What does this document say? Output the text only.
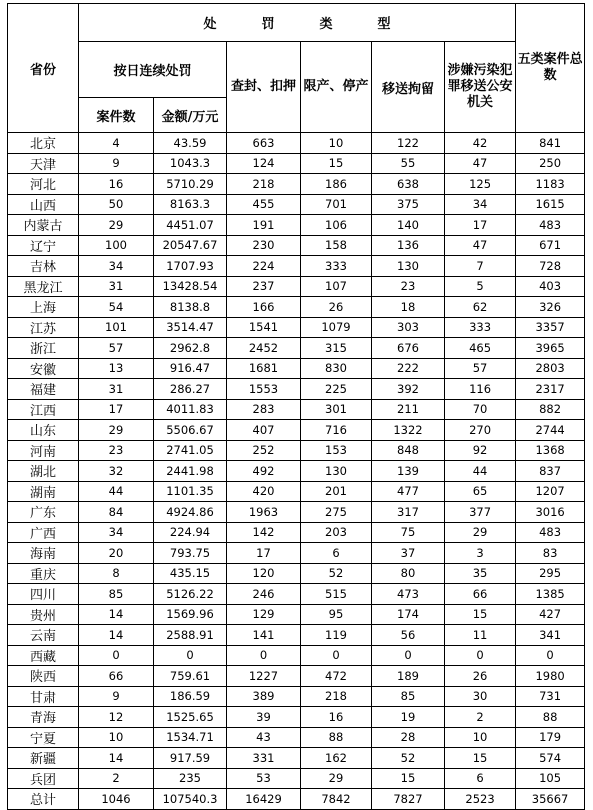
省份	处　罚　类　型						五类案件总数
	按日连续处罚		查封、扣押	限产、停产	移送拘留	涉嫌污染犯罪移送公安机关	
	案件数	金额/万元					
北京	4	43.59	663	10	122	42	841
天津	9	1043.3	124	15	55	47	250
河北	16	5710.29	218	186	638	125	1183
山西	50	8163.3	455	701	375	34	1615
内蒙古	29	4451.07	191	106	140	17	483
辽宁	100	20547.67	230	158	136	47	671
吉林	34	1707.93	224	333	130	7	728
黑龙江	31	13428.54	237	107	23	5	403
上海	54	8138.8	166	26	18	62	326
江苏	101	3514.47	1541	1079	303	333	3357
浙江	57	2962.8	2452	315	676	465	3965
安徽	13	916.47	1681	830	222	57	2803
福建	31	286.27	1553	225	392	116	2317
江西	17	4011.83	283	301	211	70	882
山东	29	5506.67	407	716	1322	270	2744
河南	23	2741.05	252	153	848	92	1368
湖北	32	2441.98	492	130	139	44	837
湖南	44	1101.35	420	201	477	65	1207
广东	84	4924.86	1963	275	317	377	3016
广西	34	224.94	142	203	75	29	483
海南	20	793.75	17	6	37	3	83
重庆	8	435.15	120	52	80	35	295
四川	85	5126.22	246	515	473	66	1385
贵州	14	1569.96	129	95	174	15	427
云南	14	2588.91	141	119	56	11	341
西藏	0	0	0	0	0	0	0
陕西	66	759.61	1227	472	189	26	1980
甘肃	9	186.59	389	218	85	30	731
青海	12	1525.65	39	16	19	2	88
宁夏	10	1534.71	43	88	28	10	179
新疆	14	917.59	331	162	52	15	574
兵团	2	235	53	29	15	6	105
总计	1046	107540.3	16429	7842	7827	2523	35667
